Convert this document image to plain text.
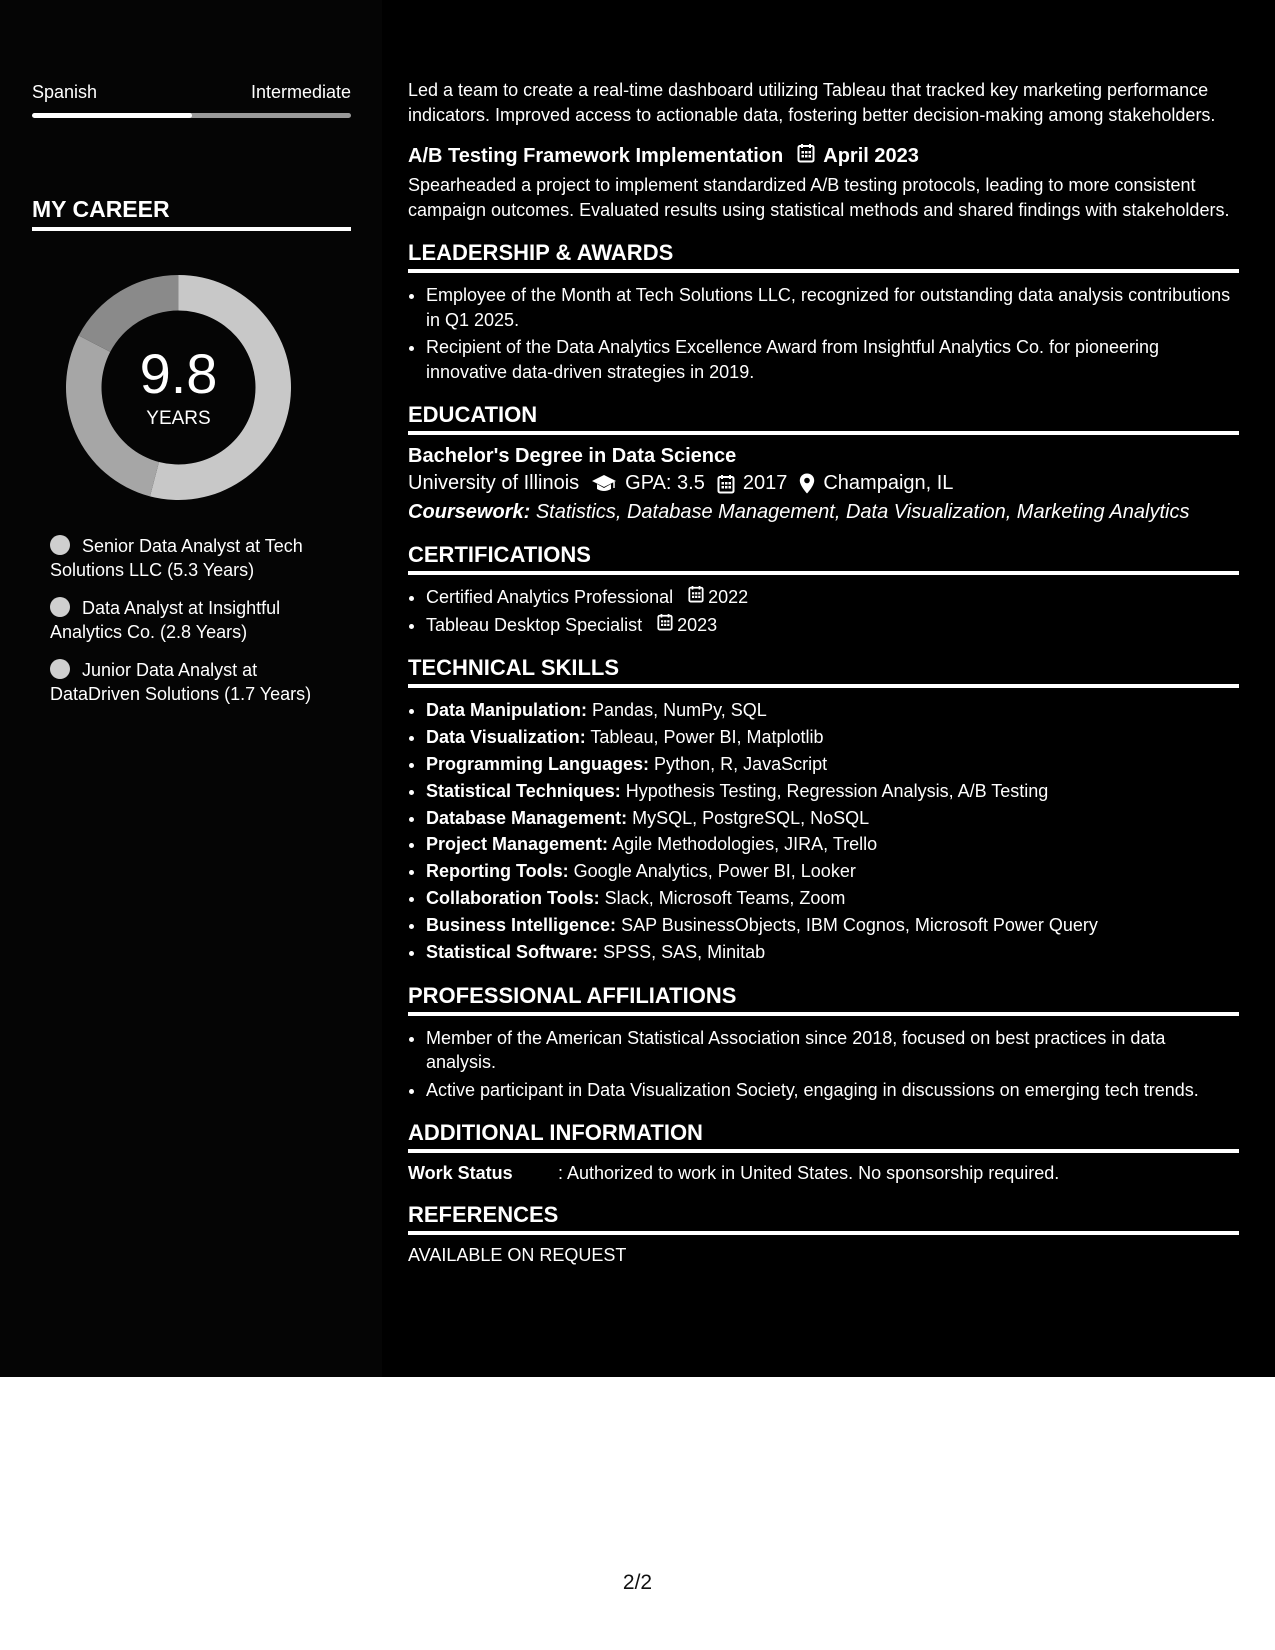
Spanish	Intermediate
MY CAREER
9.8
YEARS
Senior Data Analyst at Tech Solutions LLC (5.3 Years)
Data Analyst at Insightful Analytics Co. (2.8 Years)
Junior Data Analyst at DataDriven Solutions (1.7 Years)

Led a team to create a real-time dashboard utilizing Tableau that tracked key marketing performance indicators. Improved access to actionable data, fostering better decision-making among stakeholders.

A/B Testing Framework Implementation April 2023

Spearheaded a project to implement standardized A/B testing protocols, leading to more consistent campaign outcomes. Evaluated results using statistical methods and shared findings with stakeholders.

LEADERSHIP & AWARDS
• Employee of the Month at Tech Solutions LLC, recognized for outstanding data analysis contributions in Q1 2025.
• Recipient of the Data Analytics Excellence Award from Insightful Analytics Co. for pioneering innovative data-driven strategies in 2019.
EDUCATION
Bachelor's Degree in Data Science
University of Illinois GPA: 3.5 2017 Champaign, IL
Coursework: Statistics, Database Management, Data Visualization, Marketing Analytics
CERTIFICATIONS
• Certified Analytics Professional 2022
• Tableau Desktop Specialist 2023
TECHNICAL SKILLS
• Data Manipulation: Pandas, NumPy, SQL
• Data Visualization: Tableau, Power BI, Matplotlib
• Programming Languages: Python, R, JavaScript
• Statistical Techniques: Hypothesis Testing, Regression Analysis, A/B Testing
• Database Management: MySQL, PostgreSQL, NoSQL
• Project Management: Agile Methodologies, JIRA, Trello
• Reporting Tools: Google Analytics, Power BI, Looker
• Collaboration Tools: Slack, Microsoft Teams, Zoom
• Business Intelligence: SAP BusinessObjects, IBM Cognos, Microsoft Power Query
• Statistical Software: SPSS, SAS, Minitab
PROFESSIONAL AFFILIATIONS
• Member of the American Statistical Association since 2018, focused on best practices in data analysis.
• Active participant in Data Visualization Society, engaging in discussions on emerging tech trends.
ADDITIONAL INFORMATION
Work Status	: Authorized to work in United States. No sponsorship required.
REFERENCES
AVAILABLE ON REQUEST
2/2
